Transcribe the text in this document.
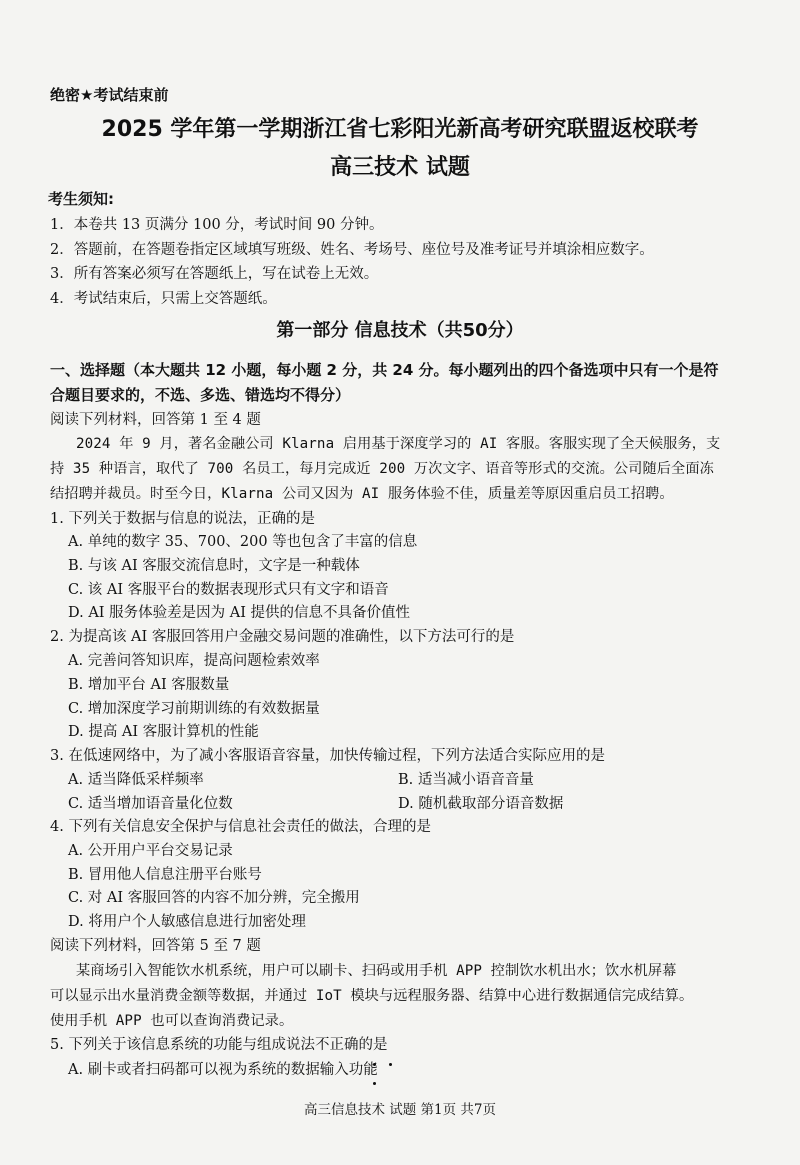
绝密★考试结束前
2025 学年第一学期浙江省七彩阳光新高考研究联盟返校联考
高三技术 试题
考生须知:
1．本卷共 13 页满分 100 分，考试时间 90 分钟。
2．答题前，在答题卷指定区域填写班级、姓名、考场号、座位号及准考证号并填涂相应数字。
3．所有答案必须写在答题纸上，写在试卷上无效。
4．考试结束后，只需上交答题纸。
第一部分 信息技术（共50分）
一、选择题（本大题共 12 小题，每小题 2 分，共 24 分。每小题列出的四个备选项中只有一个是符
合题目要求的，不选、多选、错选均不得分）
阅读下列材料，回答第 1 至 4 题
2024 年 9 月，著名金融公司 Klarna 启用基于深度学习的 AI 客服。客服实现了全天候服务，支
持 35 种语言，取代了 700 名员工，每月完成近 200 万次文字、语音等形式的交流。公司随后全面冻
结招聘并裁员。时至今日，Klarna 公司又因为 AI 服务体验不佳，质量差等原因重启员工招聘。
1. 下列关于数据与信息的说法，正确的是
A. 单纯的数字 35、700、200 等也包含了丰富的信息
B. 与该 AI 客服交流信息时，文字是一种载体
C. 该 AI 客服平台的数据表现形式只有文字和语音
D. AI 服务体验差是因为 AI 提供的信息不具备价值性
2. 为提高该 AI 客服回答用户金融交易问题的准确性，以下方法可行的是
A. 完善问答知识库，提高问题检索效率
B. 增加平台 AI 客服数量
C. 增加深度学习前期训练的有效数据量
D. 提高 AI 客服计算机的性能
3. 在低速网络中，为了减小客服语音容量，加快传输过程，下列方法适合实际应用的是
A. 适当降低采样频率	B. 适当减小语音音量
C. 适当增加语音量化位数	D. 随机截取部分语音数据
4. 下列有关信息安全保护与信息社会责任的做法，合理的是
A. 公开用户平台交易记录
B. 冒用他人信息注册平台账号
C. 对 AI 客服回答的内容不加分辨，完全搬用
D. 将用户个人敏感信息进行加密处理
阅读下列材料，回答第 5 至 7 题
某商场引入智能饮水机系统，用户可以刷卡、扫码或用手机 APP 控制饮水机出水；饮水机屏幕
可以显示出水量消费金额等数据，并通过 IoT 模块与远程服务器、结算中心进行数据通信完成结算。
使用手机 APP 也可以查询消费记录。
5. 下列关于该信息系统的功能与组成说法不正确的是
A. 刷卡或者扫码都可以视为系统的数据输入功能
高三信息技术 试题 第1页 共7页
